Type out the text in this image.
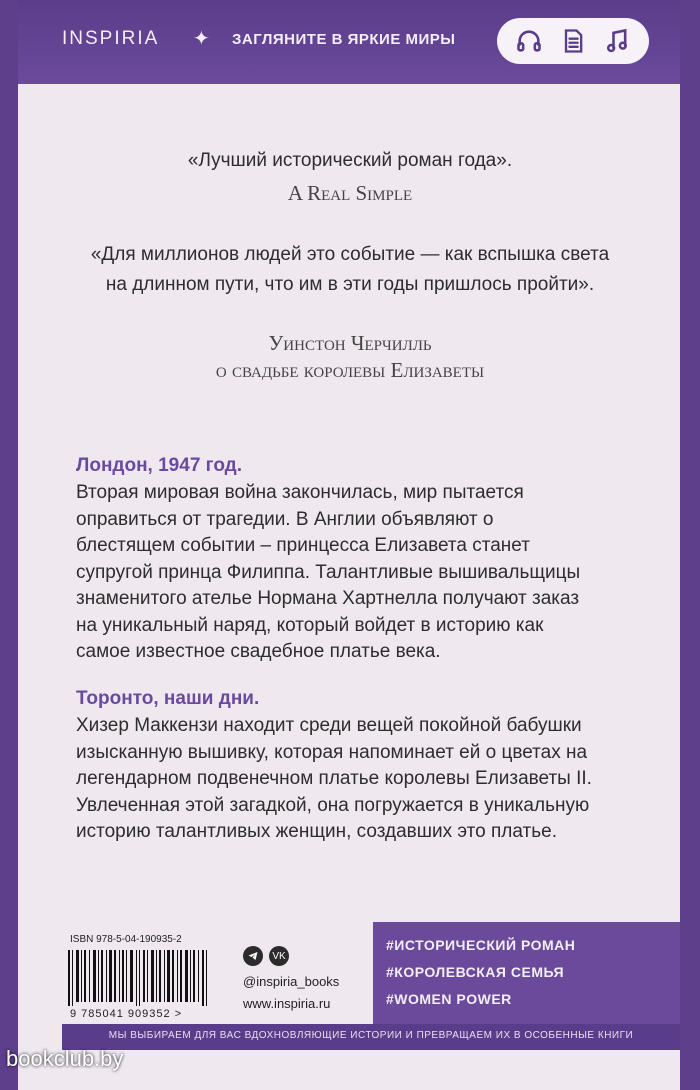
INSPIRIA ✦ ЗАГЛЯНИТЕ В ЯРКИЕ МИРЫ
«Лучший исторический роман года».
A Real Simple
«Для миллионов людей это событие — как вспышка света на длинном пути, что им в эти годы пришлось пройти».
Уинстон Черчилль
о свадьбе королевы Елизаветы
Лондон, 1947 год.
Вторая мировая война закончилась, мир пытается оправиться от трагедии. В Англии объявляют о блестящем событии – принцесса Елизавета станет супругой принца Филиппа. Талантливые вышивальщицы знаменитого ателье Нормана Хартнелла получают заказ на уникальный наряд, который войдет в историю как самое известное свадебное платье века.
Торонто, наши дни.
Хизер Маккензи находит среди вещей покойной бабушки изысканную вышивку, которая напоминает ей о цветах на легендарном подвенечном платье королевы Елизаветы II. Увлеченная этой загадкой, она погружается в уникальную историю талантливых женщин, создавших это платье.
ISBN 978-5-04-190935-2
9 785041 909352 >
VK
@inspiria_books
www.inspiria.ru
#ИСТОРИЧЕСКИЙ РОМАН
#КОРОЛЕВСКАЯ СЕМЬЯ
#WOMEN POWER
МЫ ВЫБИРАЕМ ДЛЯ ВАС ВДОХНОВЛЯЮЩИЕ ИСТОРИИ И ПРЕВРАЩАЕМ ИХ В ОСОБЕННЫЕ КНИГИ
bookclub.by
